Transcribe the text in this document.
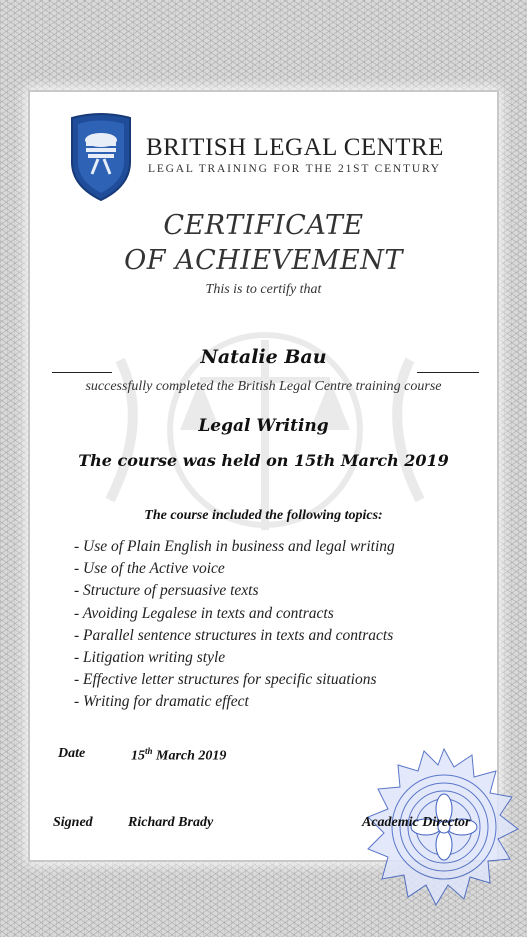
BRITISH LEGAL CENTRE
LEGAL TRAINING FOR THE 21ST CENTURY
CERTIFICATE
OF ACHIEVEMENT
This is to certify that
Natalie Bau
successfully completed the British Legal Centre training course
Legal Writing
The course was held on 15th March 2019
The course included the following topics:
- Use of Plain English in business and legal writing
- Use of the Active voice
- Structure of persuasive texts
- Avoiding Legalese in texts and contracts
- Parallel sentence structures in texts and contracts
- Litigation writing style
- Effective letter structures for specific situations
- Writing for dramatic effect
Date	15th March 2019
Signed	Richard Brady	Academic Director
